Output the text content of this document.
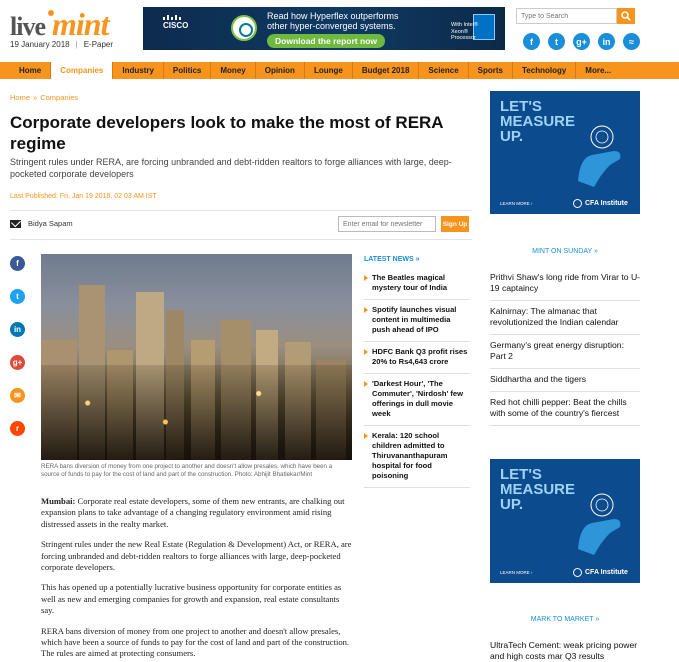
live mint
19 January 2018 | E-Paper
CISCO
Read how Hyperflex outperforms
other hyper-converged systems.
Download the report now
With Intel® Xeon® Processor
Type to Search	f	t	g+	in	≈
Home	Companies	Industry	Politics	Money	Opinion	Lounge	Budget 2018	Science	Sports	Technology	More...
Home » Companies
Corporate developers look to make the most of RERA regime

Stringent rules under RERA, are forcing unbranded and debt-ridden realtors to forge alliances with large, deep-pocketed corporate developers

Last Published: Fri, Jan 19 2018. 02 03 AM IST
Bidya Sapam
Enter email for newsletter	Sign Up
f
t
in
g+
✉
r

RERA bans diversion of money from one project to another and doesn't allow presales, which have been a source of funds to pay for the cost of land and part of the construction. Photo: Abhijit Bhatlekar/Mint

Mumbai: Corporate real estate developers, some of them new entrants, are chalking out expansion plans to take advantage of a changing regulatory environment amid rising distressed assets in the realty market.

Stringent rules under the new Real Estate (Regulation & Development) Act, or RERA, are forcing unbranded and debt-ridden realtors to forge alliances with large, deep-pocketed corporate developers.

This has opened up a potentially lucrative business opportunity for corporate entities as well as new and emerging companies for growth and expansion, real estate consultants say.

RERA bans diversion of money from one project to another and doesn't allow presales, which have been a source of funds to pay for the cost of land and part of the construction. The rules are aimed at protecting consumers.

LATEST NEWS »
The Beatles magical mystery tour of India
Spotify launches visual content in multimedia push ahead of IPO
HDFC Bank Q3 profit rises 20% to Rs4,643 crore
'Darkest Hour', 'The Commuter', 'Nirdosh' few offerings in dull movie week
Kerala: 120 school children admitted to Thiruvananthapuram hospital for food poisoning
LET'S
MEASURE
UP.
LEARN MORE ›	CFA Institute
MINT ON SUNDAY »
Prithvi Shaw's long ride from Virar to U-19 captaincy
Kalnirnay: The almanac that revolutionized the Indian calendar
Germany's great energy disruption: Part 2
Siddhartha and the tigers
Red hot chilli pepper: Beat the chills with some of the country's fiercest
LET'S
MEASURE
UP.
LEARN MORE ›	CFA Institute
MARK TO MARKET »
UltraTech Cement: weak pricing power and high costs mar Q3 results
